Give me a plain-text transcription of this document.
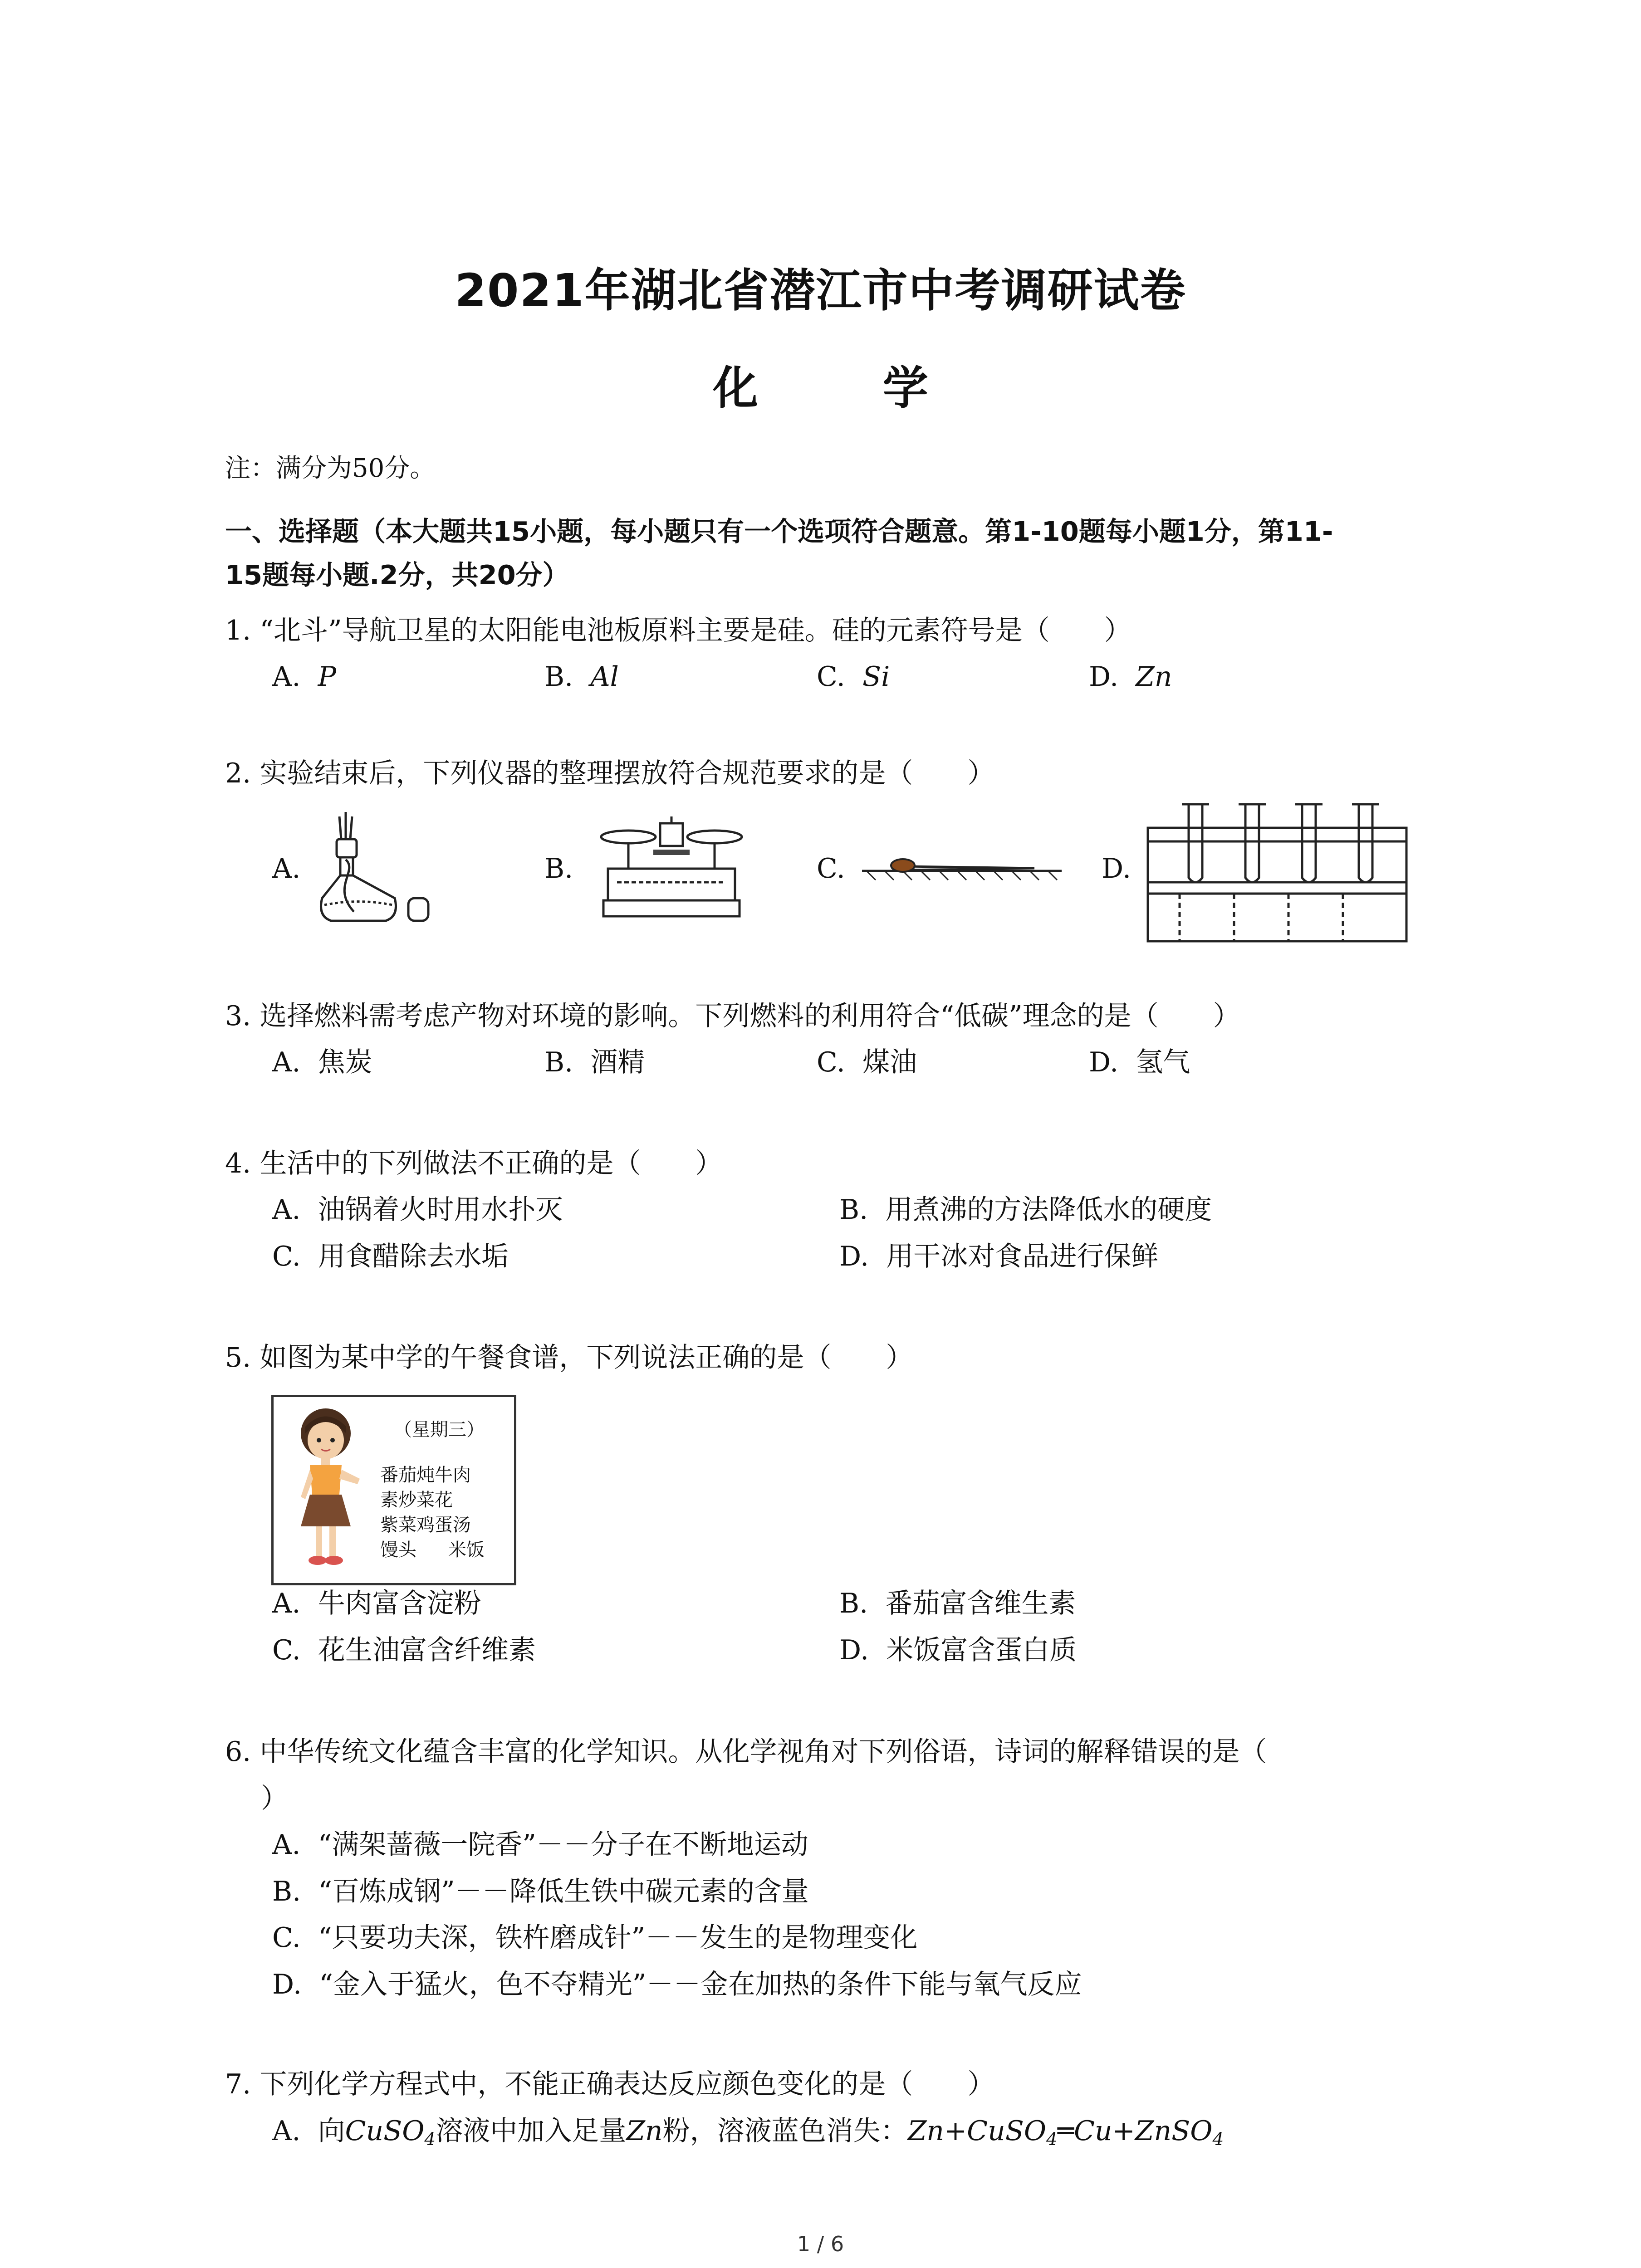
2021年湖北省潜江市中考调研试卷
化 学
注：满分为50分。
一、选择题（本大题共15小题，每小题只有一个选项符合题意。第1-10题每小题1分，第11-
15题每小题.2分，共20分）
1. “北斗”导航卫星的太阳能电池板原料主要是硅。硅的元素符号是（　　）
A. P	B. Al	C. Si	D. Zn
2. 实验结束后，下列仪器的整理摆放符合规范要求的是（　　）
A.	B.	C.	D.
3. 选择燃料需考虑产物对环境的影响。下列燃料的利用符合“低碳”理念的是（　　）
A. 焦炭	B. 酒精	C. 煤油	D. 氢气
4. 生活中的下列做法不正确的是（　　）
A. 油锅着火时用水扑灭	B. 用煮沸的方法降低水的硬度
C. 用食醋除去水垢	D. 用干冰对食品进行保鲜
5. 如图为某中学的午餐食谱，下列说法正确的是（　　）
（星期三）
番茄炖牛肉
素炒菜花
紫菜鸡蛋汤
馒头 米饭
A. 牛肉富含淀粉	B. 番茄富含维生素
C. 花生油富含纤维素	D. 米饭富含蛋白质
6. 中华传统文化蕴含丰富的化学知识。从化学视角对下列俗语，诗词的解释错误的是（
）
A. “满架蔷薇一院香”－－分子在不断地运动
B. “百炼成钢”－－降低生铁中碳元素的含量
C. “只要功夫深，铁杵磨成针”－－发生的是物理变化
D. “金入于猛火，色不夺精光”－－金在加热的条件下能与氧气反应
7. 下列化学方程式中，不能正确表达反应颜色变化的是（　　）
A. 向CuSO$_4$溶液中加入足量Zn粉，溶液蓝色消失：Zn+CuSO$_4$═Cu+ZnSO$_4$
1 / 6
